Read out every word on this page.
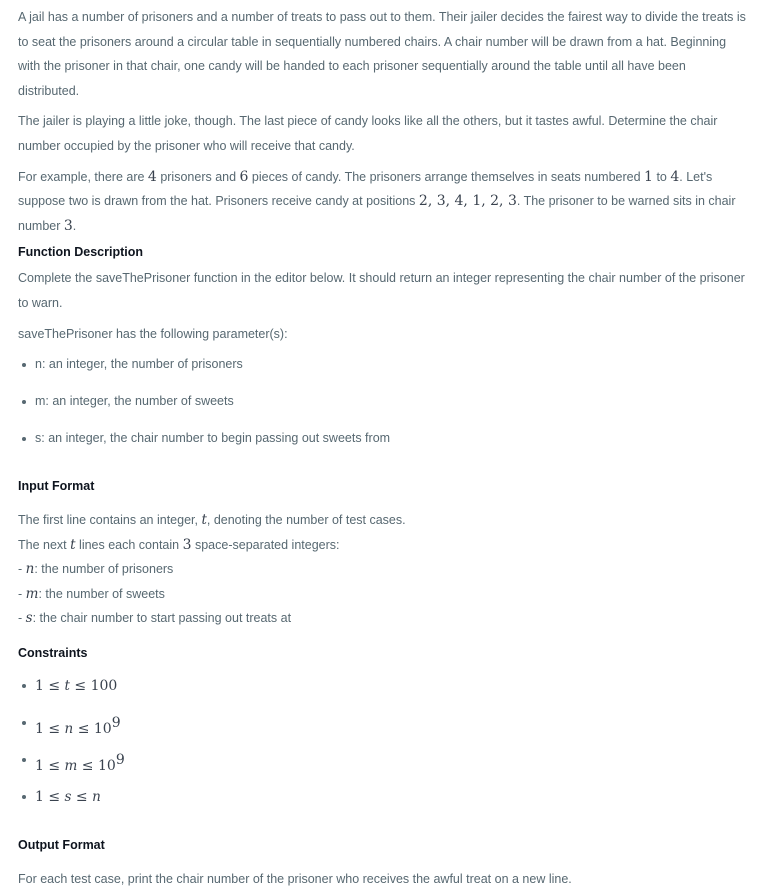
A jail has a number of prisoners and a number of treats to pass out to them. Their jailer decides the fairest way to divide the treats is to seat the prisoners around a circular table in sequentially numbered chairs. A chair number will be drawn from a hat. Beginning with the prisoner in that chair, one candy will be handed to each prisoner sequentially around the table until all have been distributed.

The jailer is playing a little joke, though. The last piece of candy looks like all the others, but it tastes awful. Determine the chair number occupied by the prisoner who will receive that candy.

For example, there are 4 prisoners and 6 pieces of candy. The prisoners arrange themselves in seats numbered 1 to 4. Let's suppose two is drawn from the hat. Prisoners receive candy at positions 2, 3, 4, 1, 2, 3. The prisoner to be warned sits in chair number 3.

Function Description

Complete the saveThePrisoner function in the editor below. It should return an integer representing the chair number of the prisoner to warn.

saveThePrisoner has the following parameter(s):

n: an integer, the number of prisoners
m: an integer, the number of sweets
s: an integer, the chair number to begin passing out sweets from
Input Format

The first line contains an integer, t, denoting the number of test cases.

The next t lines each contain 3 space-separated integers:

- n: the number of prisoners

- m: the number of sweets

- s: the chair number to start passing out treats at

Constraints
1 ≤ t ≤ 100
$1 \le n \le 10^9$
$1 \le m \le 10^9$
1 ≤ s ≤ n
Output Format

For each test case, print the chair number of the prisoner who receives the awful treat on a new line.
